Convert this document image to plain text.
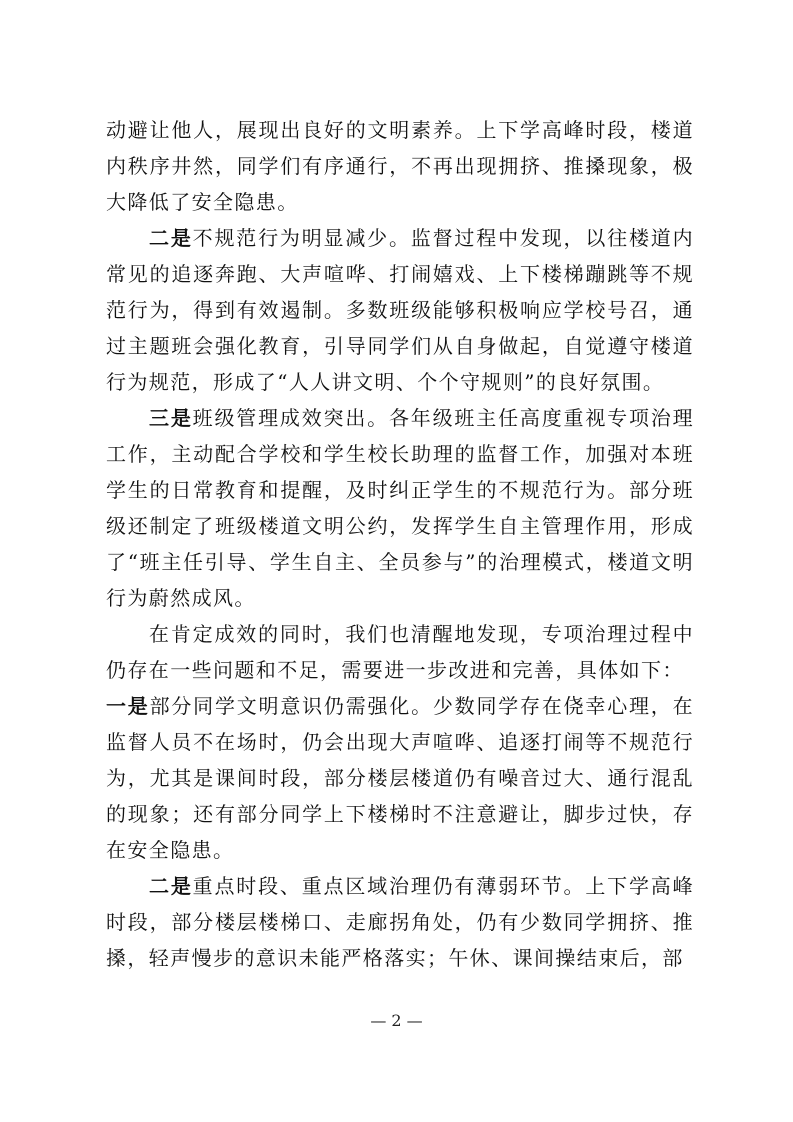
动避让他人，展现出良好的文明素养。上下学高峰时段，楼道内秩序井然，同学们有序通行，不再出现拥挤、推搡现象，极大降低了安全隐患。

二是不规范行为明显减少。监督过程中发现，以往楼道内常见的追逐奔跑、大声喧哗、打闹嬉戏、上下楼梯蹦跳等不规范行为，得到有效遏制。多数班级能够积极响应学校号召，通过主题班会强化教育，引导同学们从自身做起，自觉遵守楼道行为规范，形成了“人人讲文明、个个守规则”的良好氛围。

三是班级管理成效突出。各年级班主任高度重视专项治理工作，主动配合学校和学生校长助理的监督工作，加强对本班学生的日常教育和提醒，及时纠正学生的不规范行为。部分班级还制定了班级楼道文明公约，发挥学生自主管理作用，形成了“班主任引导、学生自主、全员参与”的治理模式，楼道文明行为蔚然成风。

在肯定成效的同时，我们也清醒地发现，专项治理过程中仍存在一些问题和不足，需要进一步改进和完善，具体如下：

一是部分同学文明意识仍需强化。少数同学存在侥幸心理，在监督人员不在场时，仍会出现大声喧哗、追逐打闹等不规范行为，尤其是课间时段，部分楼层楼道仍有噪音过大、通行混乱的现象；还有部分同学上下楼梯时不注意避让，脚步过快，存在安全隐患。

二是重点时段、重点区域治理仍有薄弱环节。上下学高峰时段，部分楼层楼梯口、走廊拐角处，仍有少数同学拥挤、推搡，轻声慢步的意识未能严格落实；午休、课间操结束后，部

— 2 —
